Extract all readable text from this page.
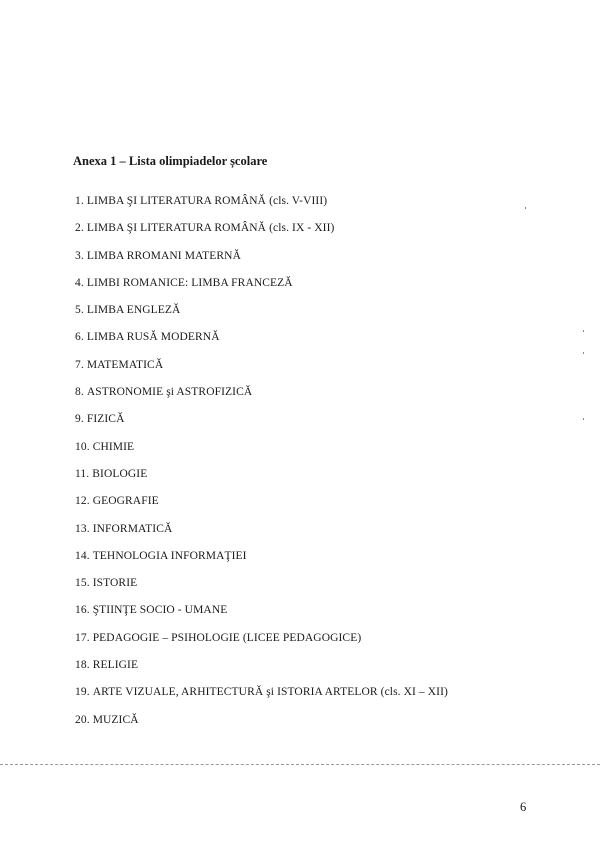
Anexa 1 – Lista olimpiadelor școlare
1. LIMBA ŞI LITERATURA ROMÂNĂ (cls. V-VIII)
2. LIMBA ŞI LITERATURA ROMÂNĂ (cls. IX - XII)
3. LIMBA RROMANI MATERNĂ
4. LIMBI ROMANICE: LIMBA FRANCEZĂ
5. LIMBA ENGLEZĂ
6. LIMBA RUSĂ MODERNĂ
7. MATEMATICĂ
8. ASTRONOMIE şi ASTROFIZICĂ
9. FIZICĂ
10. CHIMIE
11. BIOLOGIE
12. GEOGRAFIE
13. INFORMATICĂ
14. TEHNOLOGIA INFORMAŢIEI
15. ISTORIE
16. ŞTIINŢE SOCIO - UMANE
17. PEDAGOGIE – PSIHOLOGIE (LICEE PEDAGOGICE)
18. RELIGIE
19. ARTE VIZUALE, ARHITECTURĂ şi ISTORIA ARTELOR (cls. XI – XII)
20. MUZICĂ
6
